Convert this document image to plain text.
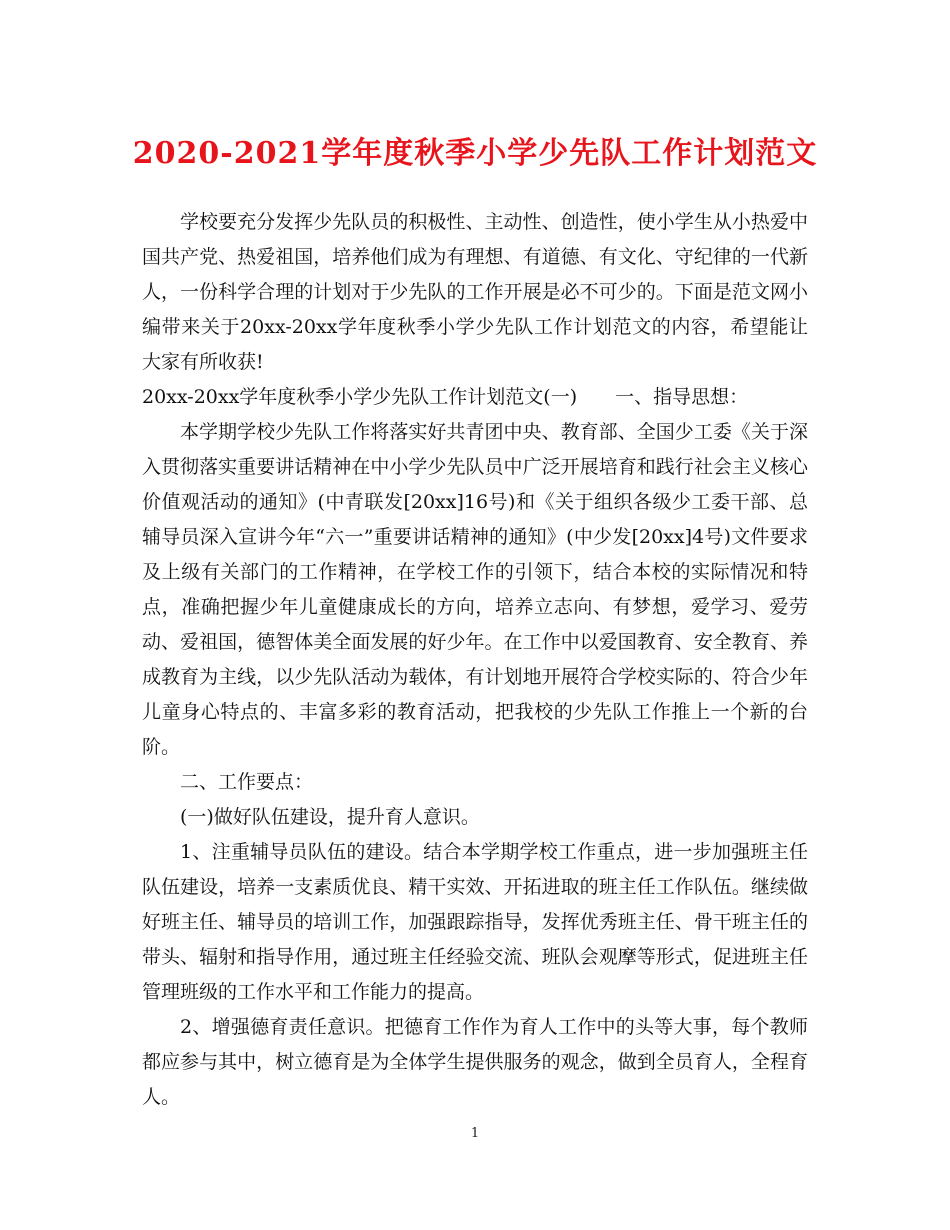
2020-2021学年度秋季小学少先队工作计划范文

学校要充分发挥少先队员的积极性、主动性、创造性，使小学生从小热爱中国共产党、热爱祖国，培养他们成为有理想、有道德、有文化、守纪律的一代新人，一份科学合理的计划对于少先队的工作开展是必不可少的。下面是范文网小编带来关于20xx-20xx学年度秋季小学少先队工作计划范文的内容，希望能让大家有所收获!

20xx-20xx学年度秋季小学少先队工作计划范文(一)　　一、指导思想：

本学期学校少先队工作将落实好共青团中央、教育部、全国少工委《关于深入贯彻落实重要讲话精神在中小学少先队员中广泛开展培育和践行社会主义核心价值观活动的通知》(中青联发[20xx]16号)和《关于组织各级少工委干部、总辅导员深入宣讲今年“六一”重要讲话精神的通知》(中少发[20xx]4号)文件要求及上级有关部门的工作精神，在学校工作的引领下，结合本校的实际情况和特点，准确把握少年儿童健康成长的方向，培养立志向、有梦想，爱学习、爱劳动、爱祖国，德智体美全面发展的好少年。在工作中以爱国教育、安全教育、养成教育为主线，以少先队活动为载体，有计划地开展符合学校实际的、符合少年儿童身心特点的、丰富多彩的教育活动，把我校的少先队工作推上一个新的台阶。

二、工作要点：

(一)做好队伍建设，提升育人意识。

1、注重辅导员队伍的建设。结合本学期学校工作重点，进一步加强班主任队伍建设，培养一支素质优良、精干实效、开拓进取的班主任工作队伍。继续做好班主任、辅导员的培训工作，加强跟踪指导，发挥优秀班主任、骨干班主任的带头、辐射和指导作用，通过班主任经验交流、班队会观摩等形式，促进班主任管理班级的工作水平和工作能力的提高。

2、增强德育责任意识。把德育工作作为育人工作中的头等大事，每个教师都应参与其中，树立德育是为全体学生提供服务的观念，做到全员育人，全程育人。

1
